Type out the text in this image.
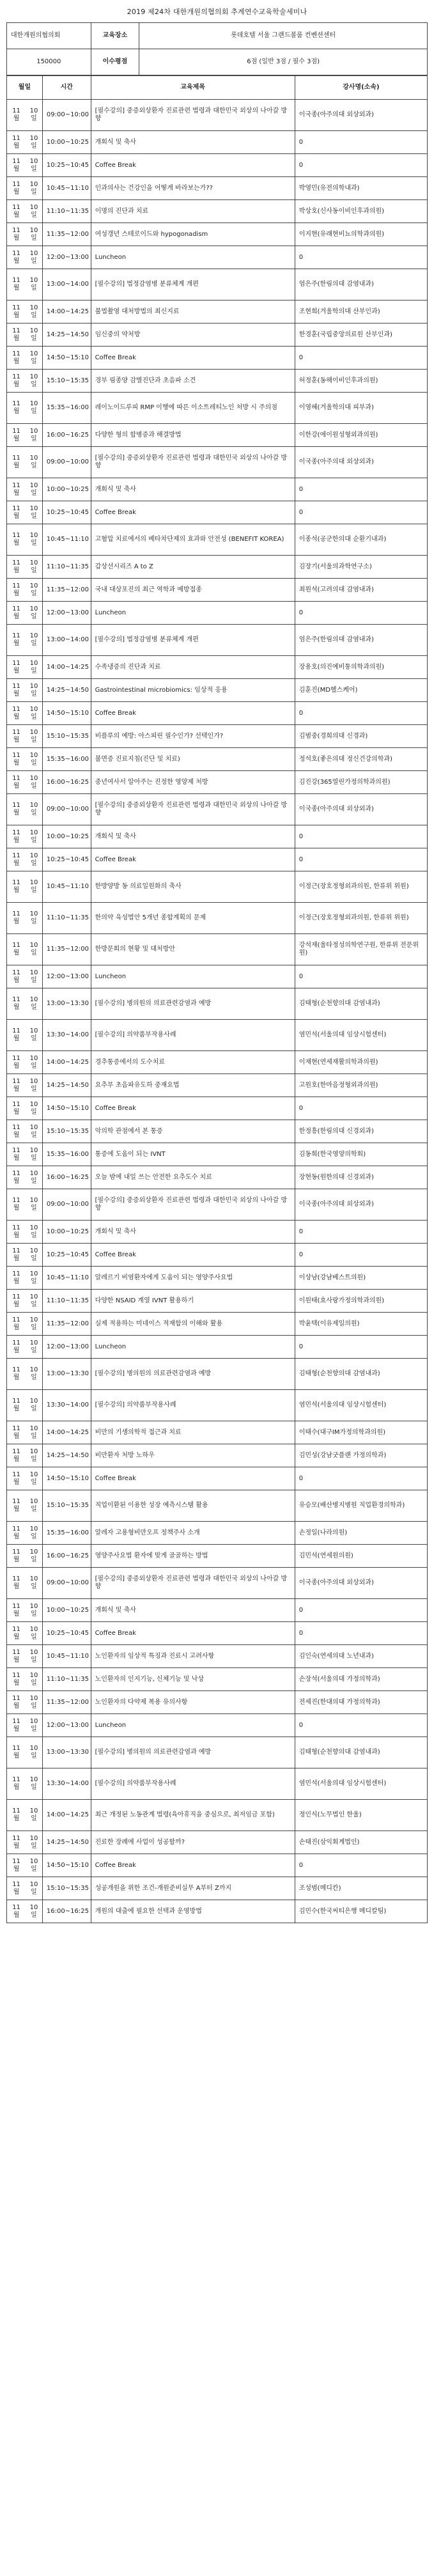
2019 제24차 대한개원의협의회 추계연수교육학술세미나
대한개원의협의회	교육장소	롯데호텔 서울 그랜드볼룸 컨벤션센터
150000	이수평점	6점 (일반 3점 / 필수 3점)
월일		시간	교육제목	강사명(소속)
11월	10일	09:00~10:00	[필수강의] 중증외상환자 진료관련 법령과 대한민국 외상의 나아갈 방향	이국종(아주의대 외상외과)
11월	10일	10:00~10:25	개회식 및 축사	0
11월	10일	10:25~10:45	Coffee Break	0
11월	10일	10:45~11:10	인과의사는 건강인을 어떻게 바라보는가??	박영민(유전의학내과)
11월	10일	11:10~11:35	이명의 진단과 치료	박상호(신사동이비인후과의원)
11월	10일	11:35~12:00	여성갱년 스테로이드와 hypogonadism	이지현(유래현비뇨의학과의원)
11월	10일	12:00~13:00	Luncheon	0
11월	10일	13:00~14:00	[필수강의] 법정감염병 분류체계 개편	엄은주(한림의대 감염내과)
11월	10일	14:00~14:25	불법촬영 대처방법의 최신지료	조현희(겨울학의대 산부인과)
11월	10일	14:25~14:50	임신중의 약처방	한경훈(국립중앙의료원 산부인과)
11월	10일	14:50~15:10	Coffee Break	0
11월	10일	15:10~15:35	경부 림종양 감별진단과 초음파 소견	허정훈(동해이비인후과의원)
11월	10일	15:35~16:00	레이노이드루피 RMP 이행에 따른 이소트레티노인 처방 시 주의점	이영혜(겨울학의대 피부과)
11월	10일	16:00~16:25	다양한 형의 합병증과 해결방법	이한강(에이원성형외과의원)
11월	10일	09:00~10:00	[필수강의] 중증외상환자 진료관련 법령과 대한민국 외상의 나아갈 방향	이국종(아주의대 외상외과)
11월	10일	10:00~10:25	개회식 및 축사	0
11월	10일	10:25~10:45	Coffee Break	0
11월	10일	10:45~11:10	고혈압 치료에서의 베타차단제의 효과와 안전성 (BENEFIT KOREA)	이종석(공군한의대 순환기내과)
11월	10일	11:10~11:35	갑상선시리즈 A to Z	김장기(서울의과학연구소)
11월	10일	11:35~12:00	국내 대상포진의 최근 역학과 예방접종	최원석(고려의대 감염내과)
11월	10일	12:00~13:00	Luncheon	0
11월	10일	13:00~14:00	[필수강의] 법정감염병 분류체계 개편	엄은주(한림의대 감염내과)
11월	10일	14:00~14:25	수족냉증의 진단과 치료	장용호(의진예비통의학과의원)
11월	10일	14:25~14:50	Gastrointestinal microbiomics: 임상적 응용	김훈진(MD헬스케어)
11월	10일	14:50~15:10	Coffee Break	0
11월	10일	15:10~15:35	비플루의 예방: 아스피린 필수인가? 선택인가?	김범중(경희의대 신경과)
11월	10일	15:35~16:00	불면증 진료지침(진단 및 치료)	정석호(좋은의대 정신건강의학과)
11월	10일	16:00~16:25	중년여사서 알아주는 진정한 영양제 처방	김진강(365열린가정의학과의원)
11월	10일	09:00~10:00	[필수강의] 중증외상환자 진료관련 법령과 대한민국 외상의 나아갈 방향	이국종(아주의대 외상외과)
11월	10일	10:00~10:25	개회식 및 축사	0
11월	10일	10:25~10:45	Coffee Break	0
11월	10일	10:45~11:10	한방양방 동 의료일원화의 축사	이정근(장호정형외과의원, 한류위 위원)
11월	10일	11:10~11:35	한의약 육성법안 5개년 종합계획의 문제	이정근(장호정형외과의원, 한류위 위원)
11월	10일	11:35~12:00	한방문회의 현황 및 대처방안	강석재(울타정성의학연구원, 한류위 전문위원)
11월	10일	12:00~13:00	Luncheon	0
11월	10일	13:00~13:30	[필수강의] 병의원의 의료관련감염과 예방	김태형(순천향의대 감염내과)
11월	10일	13:30~14:00	[필수강의] 의약품부작용사례	염민석(서울의대 임상시험센터)
11월	10일	14:00~14:25	경추통증에서의 도수치료	이재현(연세재활의학과의원)
11월	10일	14:25~14:50	요추부 초음파유도하 중재요법	고원호(한마음정형외과의원)
11월	10일	14:50~15:10	Coffee Break	0
11월	10일	15:10~15:35	악의학 관점에서 본 통증	한정흥(한림의대 신경외과)
11월	10일	15:35~16:00	통증에 도움이 되는 IVNT	김동희(한국영양의학회)
11월	10일	16:00~16:25	오늘 밤에 내일 쓰는 안전한 요추도수 치료	장현동(원한의대 신경외과)
11월	10일	09:00~10:00	[필수강의] 중증외상환자 진료관련 법령과 대한민국 외상의 나아갈 방향	이국종(아주의대 외상외과)
11월	10일	10:00~10:25	개회식 및 축사	0
11월	10일	10:25~10:45	Coffee Break	0
11월	10일	10:45~11:10	알레르기 비염환자에게 도움이 되는 영양주사요법	이상남(강남베스트의원)
11월	10일	11:10~11:35	다양한 NSAID 계열 IVNT 활용하기	이원태(효사랑가정의학과의원)
11월	10일	11:35~12:00	실제 적용하는 미네이스 적재함의 이해와 활용	박윤택(이유제일의원)
11월	10일	12:00~13:00	Luncheon	0
11월	10일	13:00~13:30	[필수강의] 병의원의 의료관련감염과 예방	김태형(순천향의대 감염내과)
11월	10일	13:30~14:00	[필수강의] 의약품부작용사례	염민석(서울의대 임상시험센터)
11월	10일	14:00~14:25	비만의 기생의학적 접근과 치료	이태수(대구IM가정의학과의원)
11월	10일	14:25~14:50	비만환자 처방 노하우	김민성(강남굿플랜 가정의학과)
11월	10일	14:50~15:10	Coffee Break	0
11월	10일	15:10~15:35	직업이환된 이용한 성장 예측시스템 활용	유승모(배산병지병원 직업환경의학과)
11월	10일	15:35~16:00	알레자 고용형비만오프 정책주사 소개	손정일(나라의원)
11월	10일	16:00~16:25	영양주사요법 환자에 맞게 골골하는 방법	김민석(연세원의원)
11월	10일	09:00~10:00	[필수강의] 중증외상환자 진료관련 법령과 대한민국 외상의 나아갈 방향	이국종(아주의대 외상외과)
11월	10일	10:00~10:25	개회식 및 축사	0
11월	10일	10:25~10:45	Coffee Break	0
11월	10일	10:45~11:10	노인환자의 임상적 특징과 진료시 고려사항	김인숙(연세의대 노년내과)
11월	10일	11:10~11:35	노인환자의 인지기능, 신체기능 및 낙상	손장석(서울의대 가정의학과)
11월	10일	11:35~12:00	노인환자의 다약제 복용 유의사항	전세진(한대의대 가정의학과)
11월	10일	12:00~13:00	Luncheon	0
11월	10일	13:00~13:30	[필수강의] 병의원의 의료관련감염과 예방	김태형(순천향의대 감염내과)
11월	10일	13:30~14:00	[필수강의] 의약품부작용사례	염민석(서울의대 임상시험센터)
11월	10일	14:00~14:25	최근 개정된 노동관계 법령(육아휴직을 중심으로, 최저임금 포함)	정인식(노무법인 한울)
11월	10일	14:25~14:50	진료한 장례에 사업이 성공할까?	손태진(삼익회계법인)
11월	10일	14:50~15:10	Coffee Break	0
11월	10일	15:10~15:35	성공개원을 위한 조건-개원준비실무 A부터 Z까지	조성범(메디칸)
11월	10일	16:00~16:25	개원의 대출에 필요한 선택과 운영방법	김민수(한국씨티은행 메디칼팀)
